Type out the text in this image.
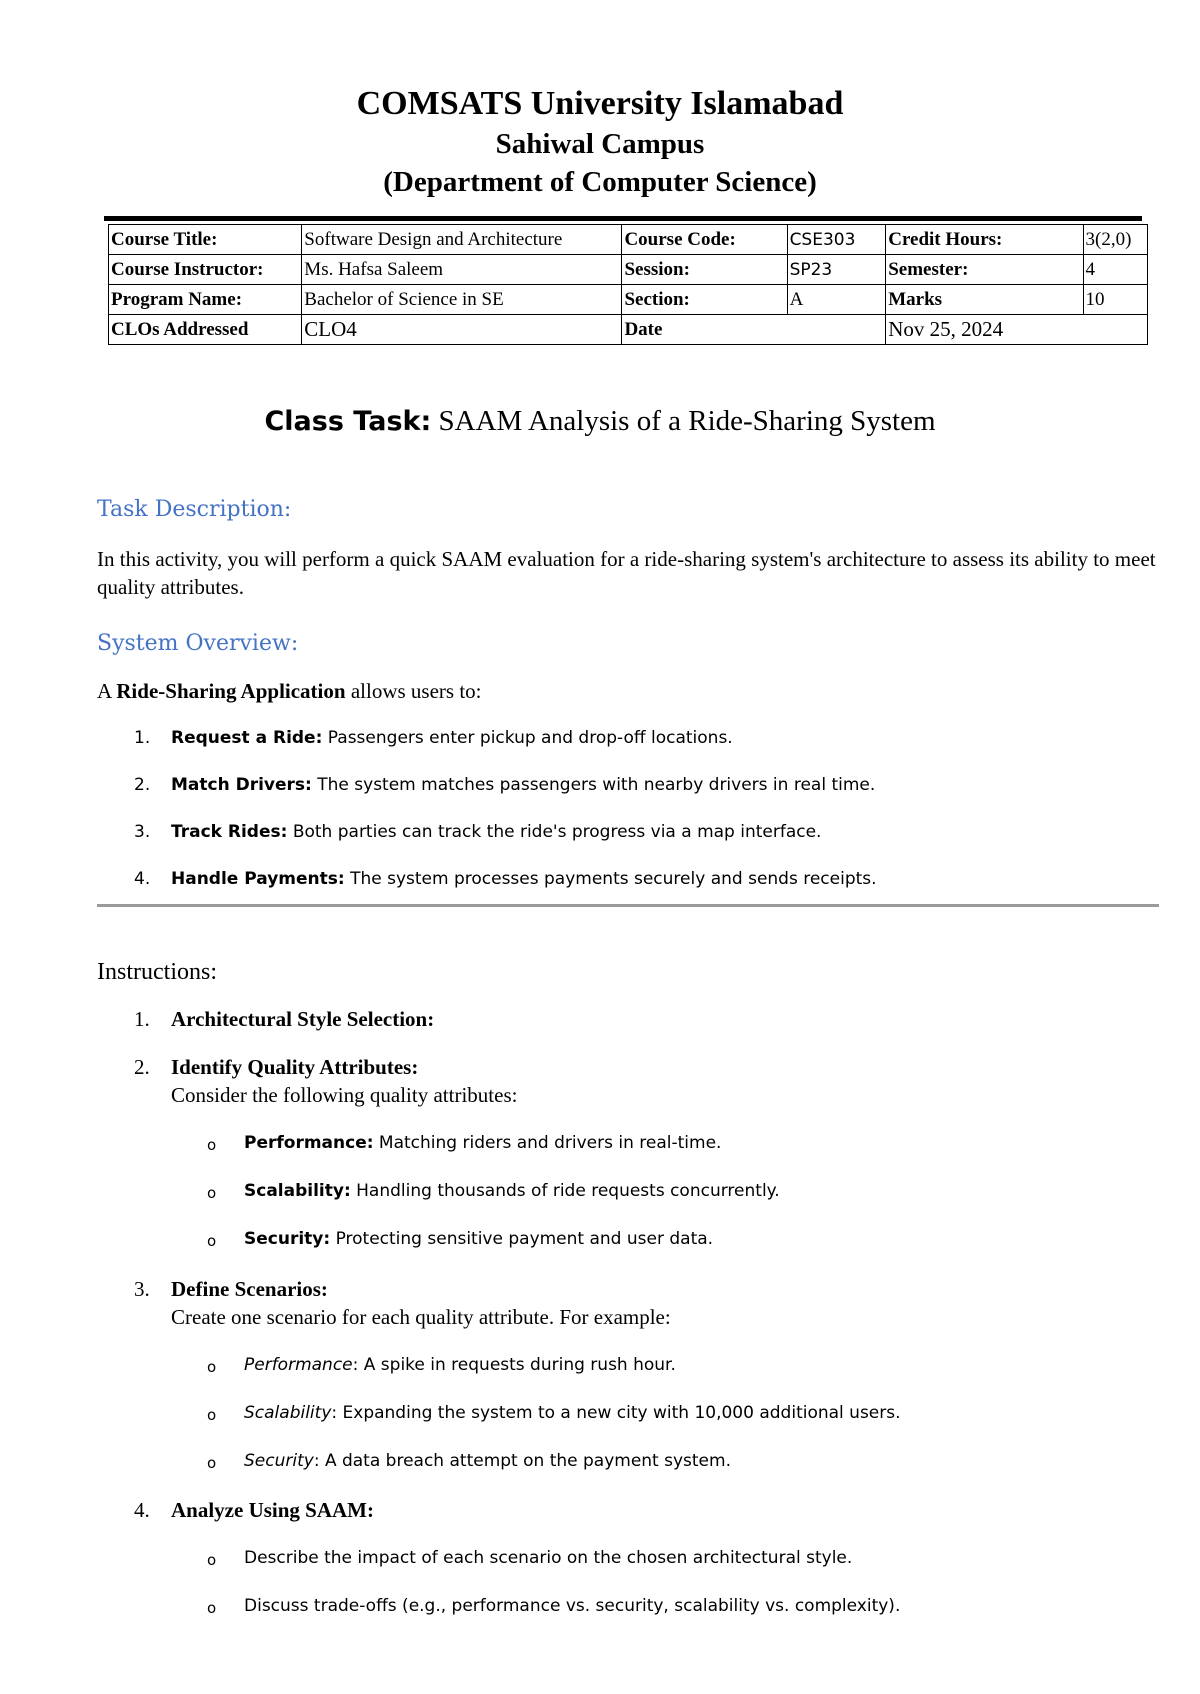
COMSATS University Islamabad
Sahiwal Campus
(Department of Computer Science)
Course Title:	Software Design and Architecture	Course Code:	CSE303	Credit Hours:	3(2,0)
Course Instructor:	Ms. Hafsa Saleem	Session:	SP23	Semester:	4
Program Name:	Bachelor of Science in SE	Section:	A	Marks	10
CLOs Addressed	CLO4	Date		Nov 25, 2024	
Class Task: SAAM Analysis of a Ride-Sharing System
Task Description:
In this activity, you will perform a quick SAAM evaluation for a ride-sharing system's architecture to assess its ability to meet quality attributes.
System Overview:
A Ride-Sharing Application allows users to:
1. Request a Ride: Passengers enter pickup and drop-off locations.
2. Match Drivers: The system matches passengers with nearby drivers in real time.
3. Track Rides: Both parties can track the ride's progress via a map interface.
4. Handle Payments: The system processes payments securely and sends receipts.
Instructions:
1. Architectural Style Selection:
2. Identify Quality Attributes:
Consider the following quality attributes:
o Performance: Matching riders and drivers in real-time.
o Scalability: Handling thousands of ride requests concurrently.
o Security: Protecting sensitive payment and user data.
3. Define Scenarios:
Create one scenario for each quality attribute. For example:
o Performance: A spike in requests during rush hour.
o Scalability: Expanding the system to a new city with 10,000 additional users.
o Security: A data breach attempt on the payment system.
4. Analyze Using SAAM:
o Describe the impact of each scenario on the chosen architectural style.
o Discuss trade-offs (e.g., performance vs. security, scalability vs. complexity).
